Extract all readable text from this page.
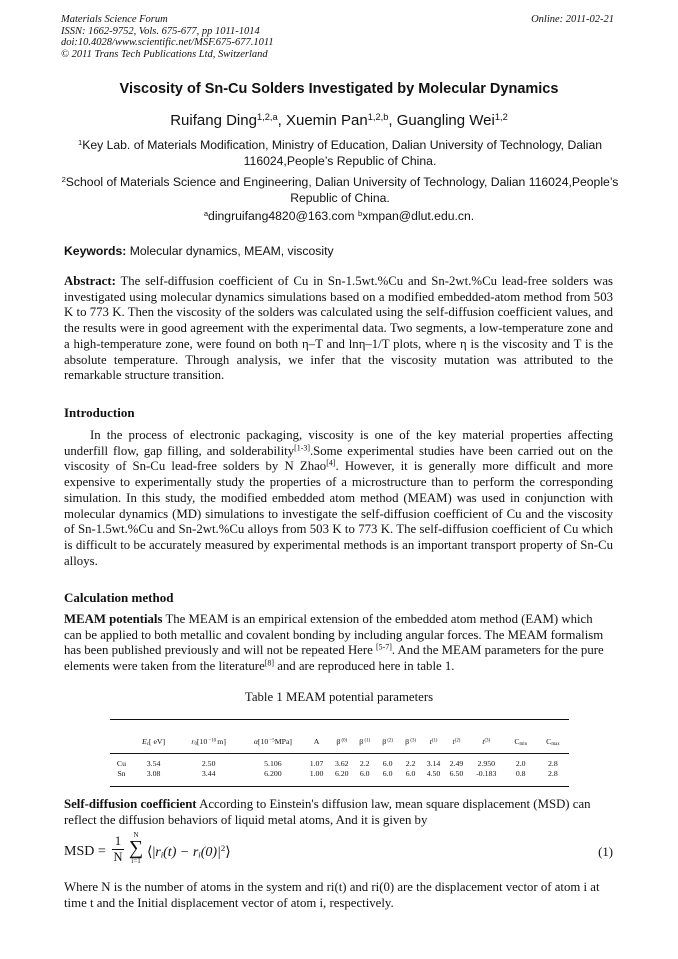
Materials Science Forum
ISSN: 1662-9752, Vols. 675-677, pp 1011-1014
doi:10.4028/www.scientific.net/MSF.675-677.1011
© 2011 Trans Tech Publications Ltd, Switzerland
Online: 2011-02-21
Viscosity of Sn-Cu Solders Investigated by Molecular Dynamics
Ruifang Ding$^{1,2,a}$, Xuemin Pan$^{1,2,b}$, Guangling Wei$^{1,2}$
$^1$Key Lab. of Materials Modification, Ministry of Education, Dalian University of Technology, Dalian 116024,People’s Republic of China.
$^2$School of Materials Science and Engineering, Dalian University of Technology, Dalian 116024,People’s Republic of China.
$^a$dingruifang4820@163.com $^b$xmpan@dlut.edu.cn.
Keywords: Molecular dynamics, MEAM, viscosity
Abstract: The self-diffusion coefficient of Cu in Sn-1.5wt.%Cu and Sn-2wt.%Cu lead-free solders was investigated using molecular dynamics simulations based on a modified embedded-atom method from 503 K to 773 K. Then the viscosity of the solders was calculated using the self-diffusion coefficient values, and the results were in good agreement with the experimental data. Two segments, a low-temperature zone and a high-temperature zone, were found on both η–T and lnη–1/T plots, where η is the viscosity and T is the absolute temperature. Through analysis, we infer that the viscosity mutation was attributed to the remarkable structure transition.
Introduction
In the process of electronic packaging, viscosity is one of the key material properties affecting underfill flow, gap filling, and solderability[1-3].Some experimental studies have been carried out on the viscosity of Sn-Cu lead-free solders by N Zhao[4]. However, it is generally more difficult and more expensive to experimentally study the properties of a microstructure than to perform the corresponding simulation. In this study, the modified embedded atom method (MEAM) was used in conjunction with molecular dynamics (MD) simulations to investigate the self-diffusion coefficient of Cu and the viscosity of Sn-1.5wt.%Cu and Sn-2wt.%Cu alloys from 503 K to 773 K. The self-diffusion coefficient of Cu which is difficult to be accurately measured by experimental methods is an important transport property of Sn-Cu alloys.
Calculation method
MEAM potentials The MEAM is an empirical extension of the embedded atom method (EAM) which can be applied to both metallic and covalent bonding by including angular forces. The MEAM formalism has been published previously and will not be repeated Here [5-7]. And the MEAM parameters for the pure elements were taken from the literature[8] and are reproduced here in table 1.
Table 1 MEAM potential parameters
	$E_c$[ eV]	$r_0[10$ $^{-10}$ m]	α[10 $^{-5}$MPa]	A	β $^{(0)}$	β $^{(1)}$	β $^{(2)}$	β $^{(3)}$	$t^{(1)}$	$t^{(2)}$	$t^{(3)}$	$C_{min}$	$C_{max}$
Cu	3.54	2.50	5.106	1.07	3.62	2.2	6.0	2.2	3.14	2.49	2.950	2.0	2.8
Sn	3.08	3.44	6.200	1.00	6.20	6.0	6.0	6.0	4.50	6.50	-0.183	0.8	2.8
Self-diffusion coefficient According to Einstein's diffusion law, mean square displacement (MSD) can reflect the diffusion behaviors of liquid metal atoms, And it is given by
MSD = $\frac{1}{N}$	N
∑
i=1
$⟨|r_i(t)$ − $r_i(0)|^2⟩$	(1)
Where N is the number of atoms in the system and ri(t) and ri(0) are the displacement vector of atom i at time t and the Initial displacement vector of atom i, respectively.
